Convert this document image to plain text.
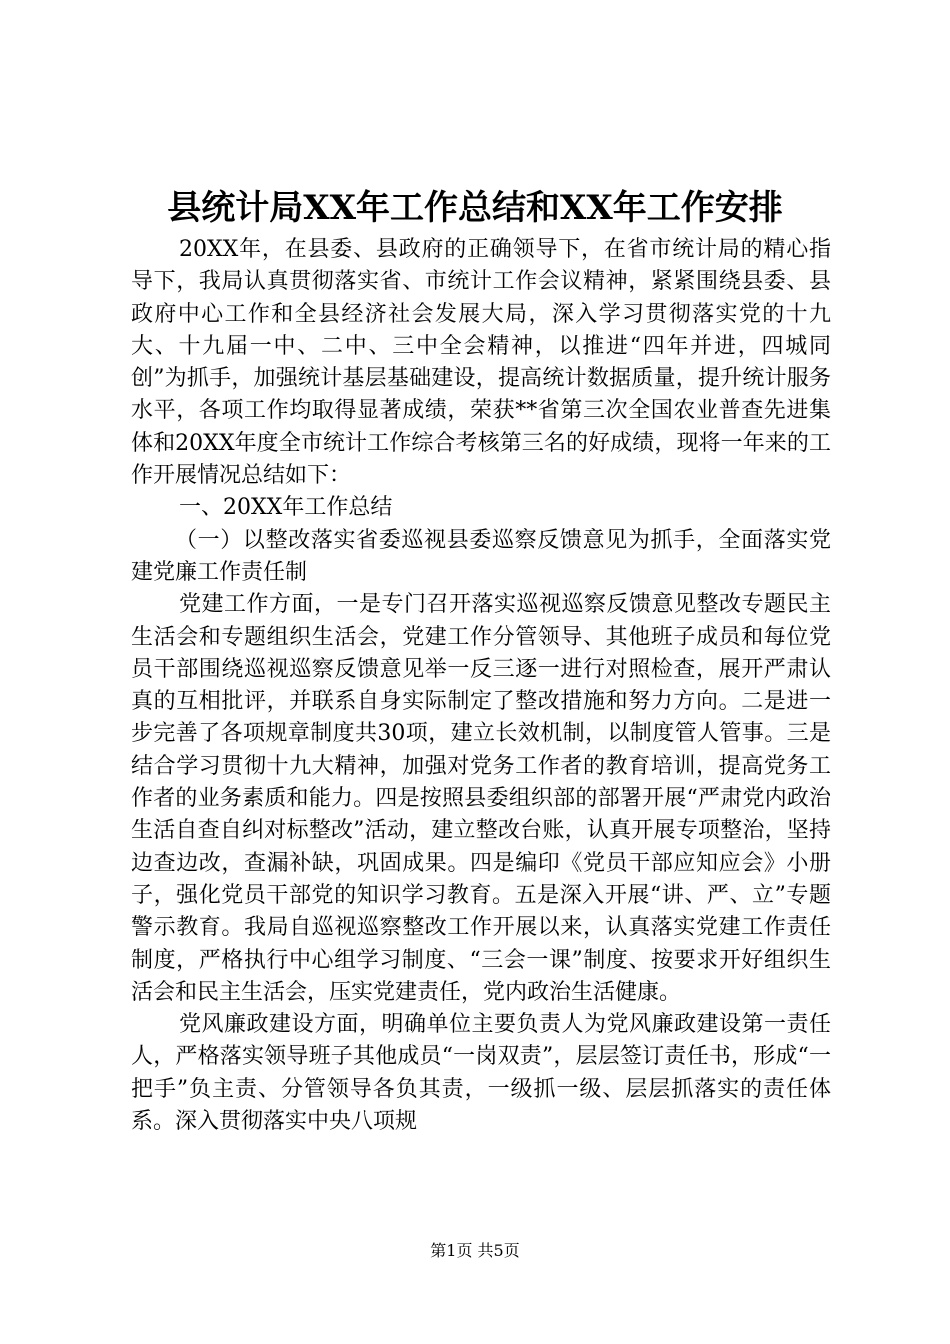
县统计局XX年工作总结和XX年工作安排

20XX年，在县委、县政府的正确领导下，在省市统计局的精心指导下，我局认真贯彻落实省、市统计工作会议精神，紧紧围绕县委、县政府中心工作和全县经济社会发展大局，深入学习贯彻落实党的十九大、十九届一中、二中、三中全会精神，以推进“四年并进，四城同创”为抓手，加强统计基层基础建设，提高统计数据质量，提升统计服务水平，各项工作均取得显著成绩，荣获**省第三次全国农业普查先进集体和20XX年度全市统计工作综合考核第三名的好成绩，现将一年来的工作开展情况总结如下：

一、20XX年工作总结

（一）以整改落实省委巡视县委巡察反馈意见为抓手，全面落实党建党廉工作责任制

党建工作方面，一是专门召开落实巡视巡察反馈意见整改专题民主生活会和专题组织生活会，党建工作分管领导、其他班子成员和每位党员干部围绕巡视巡察反馈意见举一反三逐一进行对照检查，展开严肃认真的互相批评，并联系自身实际制定了整改措施和努力方向。二是进一步完善了各项规章制度共30项，建立长效机制，以制度管人管事。三是结合学习贯彻十九大精神，加强对党务工作者的教育培训，提高党务工作者的业务素质和能力。四是按照县委组织部的部署开展“严肃党内政治生活自查自纠对标整改”活动，建立整改台账，认真开展专项整治，坚持边查边改，查漏补缺，巩固成果。四是编印《党员干部应知应会》小册子，强化党员干部党的知识学习教育。五是深入开展“讲、严、立”专题警示教育。我局自巡视巡察整改工作开展以来，认真落实党建工作责任制度，严格执行中心组学习制度、“三会一课”制度、按要求开好组织生活会和民主生活会，压实党建责任，党内政治生活健康。

党风廉政建设方面，明确单位主要负责人为党风廉政建设第一责任人，严格落实领导班子其他成员“一岗双责”，层层签订责任书，形成“一把手”负主责、分管领导各负其责，一级抓一级、层层抓落实的责任体系。深入贯彻落实中央八项规

第1页 共5页
